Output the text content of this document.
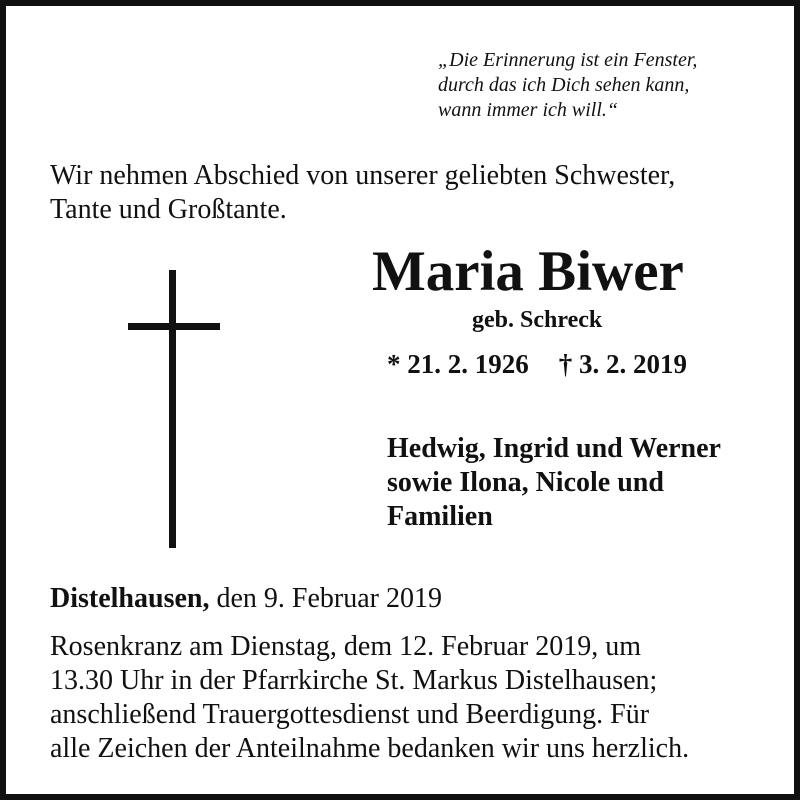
„Die Erinnerung ist ein Fenster,
durch das ich Dich sehen kann,
wann immer ich will.“
Wir nehmen Abschied von unserer geliebten Schwester,
Tante und Großtante.
Maria Biwer
geb. Schreck
* 21. 2. 1926 † 3. 2. 2019
Hedwig, Ingrid und Werner
sowie Ilona, Nicole und
Familien
Distelhausen, den 9. Februar 2019
Rosenkranz am Dienstag, dem 12. Februar 2019, um
13.30 Uhr in der Pfarrkirche St. Markus Distelhausen;
anschließend Trauergottesdienst und Beerdigung. Für
alle Zeichen der Anteilnahme bedanken wir uns herzlich.
